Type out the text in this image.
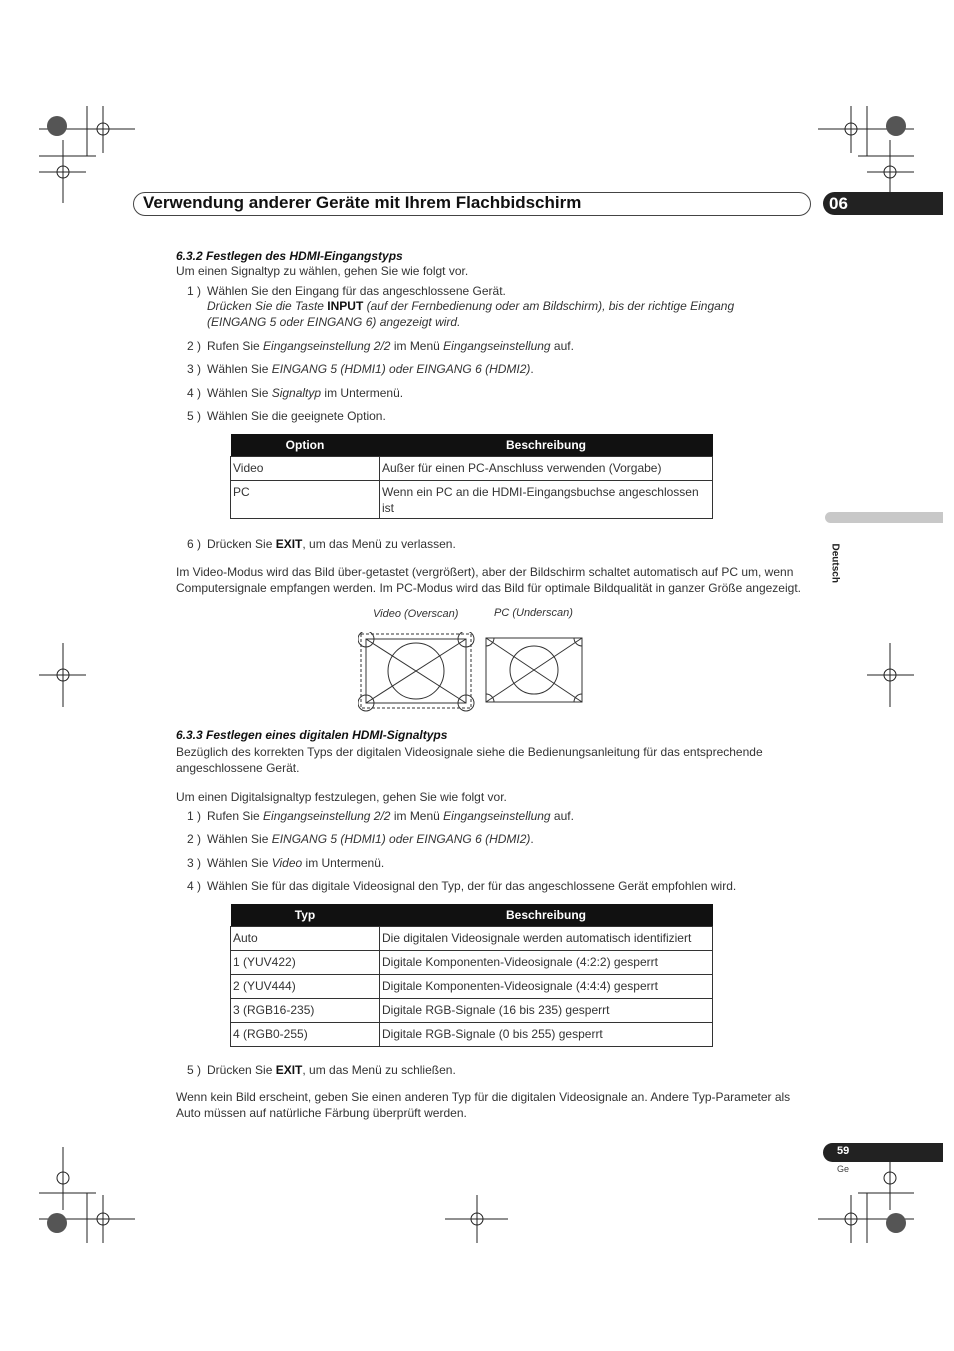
Verwendung anderer Geräte mit Ihrem Flachbidschirm	06
Deutsch
6.3.2 Festlegen des HDMI-Eingangstyps
Um einen Signaltyp zu wählen, gehen Sie wie folgt vor.
1 ) Wählen Sie den Eingang für das angeschlossene Gerät.
Drücken Sie die Taste INPUT (auf der Fernbedienung oder am Bildschirm), bis der richtige Eingang
(EINGANG 5 oder EINGANG 6) angezeigt wird.
2 ) Rufen Sie Eingangseinstellung 2/2 im Menü Eingangseinstellung auf.
3 ) Wählen Sie EINGANG 5 (HDMI1) oder EINGANG 6 (HDMI2).
4 ) Wählen Sie Signaltyp im Untermenü.
5 ) Wählen Sie die geeignete Option.
Option	Beschreibung
Video	Außer für einen PC-Anschluss verwenden (Vorgabe)
PC	Wenn ein PC an die HDMI-Eingangsbuchse angeschlossen ist
6 ) Drücken Sie EXIT, um das Menü zu verlassen.
Im Video-Modus wird das Bild über-getastet (vergrößert), aber der Bildschirm schaltet automatisch auf PC um, wenn Computersignale empfangen werden. Im PC-Modus wird das Bild für optimale Bildqualität in ganzer Größe angezeigt.
Video (Overscan)	PC (Underscan)
6.3.3 Festlegen eines digitalen HDMI-Signaltyps
Bezüglich des korrekten Typs der digitalen Videosignale siehe die Bedienungsanleitung für das entsprechende angeschlossene Gerät.
Um einen Digitalsignaltyp festzulegen, gehen Sie wie folgt vor.
1 ) Rufen Sie Eingangseinstellung 2/2 im Menü Eingangseinstellung auf.
2 ) Wählen Sie EINGANG 5 (HDMI1) oder EINGANG 6 (HDMI2).
3 ) Wählen Sie Video im Untermenü.
4 ) Wählen Sie für das digitale Videosignal den Typ, der für das angeschlossene Gerät empfohlen wird.
Typ	Beschreibung
Auto	Die digitalen Videosignale werden automatisch identifiziert
1 (YUV422)	Digitale Komponenten-Videosignale (4:2:2) gesperrt
2 (YUV444)	Digitale Komponenten-Videosignale (4:4:4) gesperrt
3 (RGB16-235)	Digitale RGB-Signale (16 bis 235) gesperrt
4 (RGB0-255)	Digitale RGB-Signale (0 bis 255) gesperrt
5 ) Drücken Sie EXIT, um das Menü zu schließen.
Wenn kein Bild erscheint, geben Sie einen anderen Typ für die digitalen Videosignale an. Andere Typ-Parameter als Auto müssen auf natürliche Färbung überprüft werden.
59
Ge
